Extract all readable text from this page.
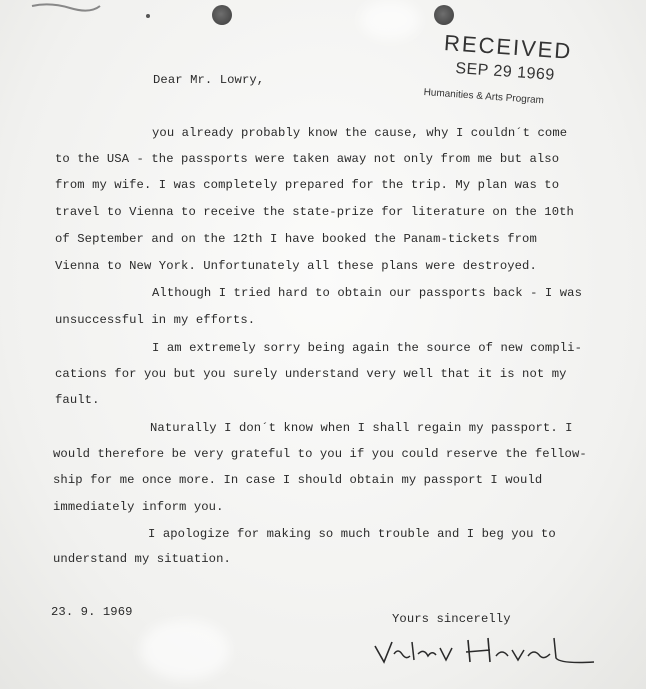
RECEIVED
SEP 29 1969
Humanities & Arts Program
Dear Mr. Lowry,
you already probably know the cause, why I couldn´t come
to the USA - the passports were taken away not only from me but also
from my wife. I was completely prepared for the trip. My plan was to
travel to Vienna to receive the state-prize for literature on the 10th
of September and on the 12th I have booked the Panam-tickets from
Vienna to New York. Unfortunately all these plans were destroyed.
Although I tried hard to obtain our passports back - I was
unsuccessful in my efforts.
I am extremely sorry being again the source of new compli-
cations for you but you surely understand very well that it is not my
fault.
Naturally I don´t know when I shall regain my passport. I
would therefore be very grateful to you if you could reserve the fellow-
ship for me once more. In case I should obtain my passport I would
immediately inform you.
I apologize for making so much trouble and I beg you to
understand my situation.
23. 9. 1969	Yours sincerelly
